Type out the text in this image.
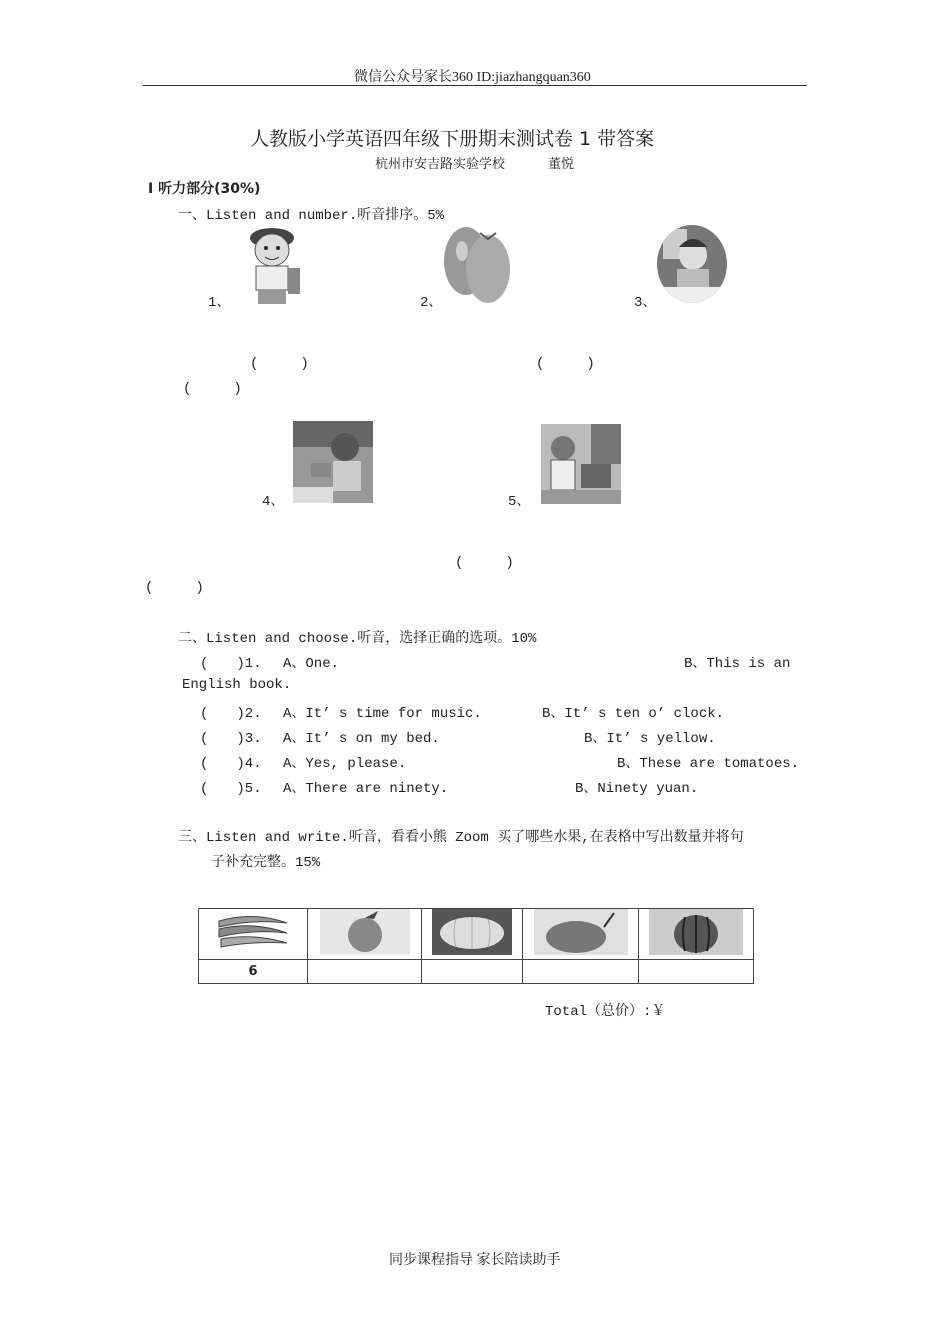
微信公众号家长360 ID:jiazhangquan360
人教版小学英语四年级下册期末测试卷 1 带答案
杭州市安吉路实验学校	董悦
Ⅰ 听力部分(30%)
一、Listen and number.听音排序。5%
1、	2、	3、
(　　　)	(　　　)
(　　　)
4、	5、
(　　　)
(　　　)
二、Listen and choose.听音，选择正确的选项。10%
(　　)1. A、One.	B、This is an
English book.
(　　)2. A、It’ s time for music.	B、It’ s ten o’ clock.
(　　)3. A、It’ s on my bed.	B、It’ s yellow.
(　　)4. A、Yes, please.	B、These are tomatoes.
(　　)5. A、There are ninety.	B、Ninety yuan.
三、Listen and write.听音，看看小熊 Zoom 买了哪些水果,在表格中写出数量并将句
子补充完整。15%

6				
Total（总价）:￥
同步课程指导 家长陪读助手
